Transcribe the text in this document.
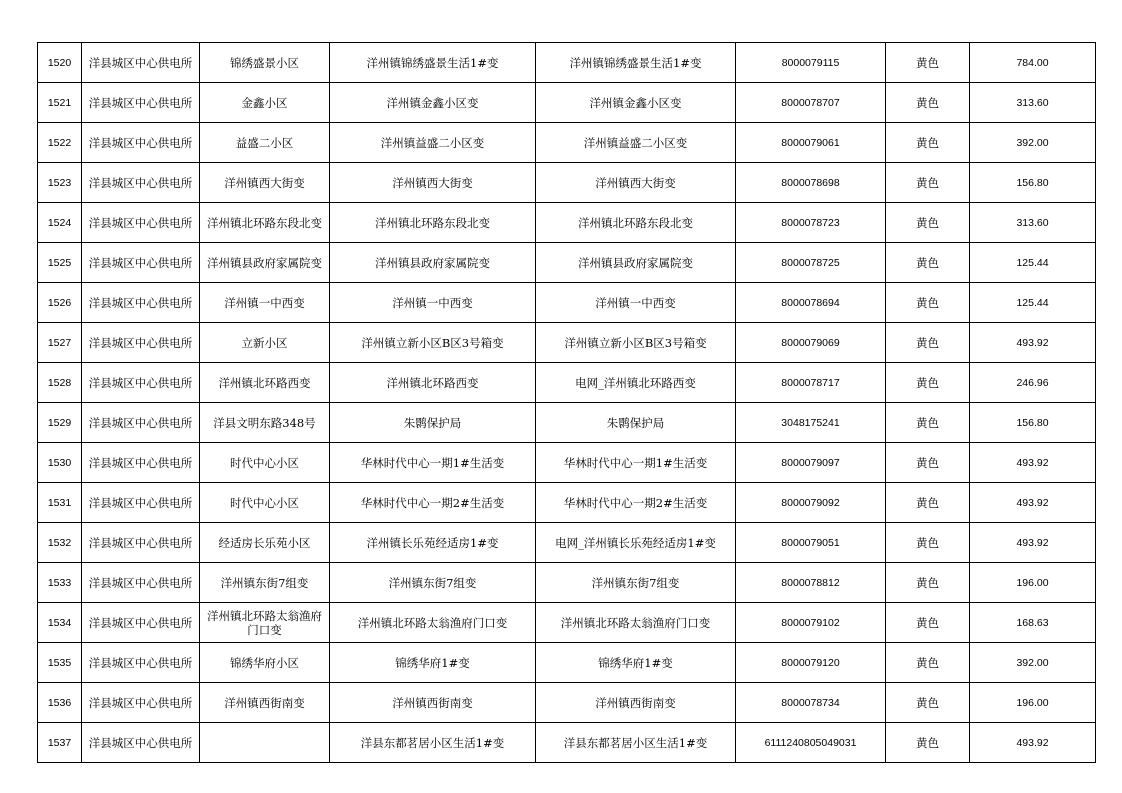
1520	洋县城区中心供电所	锦绣盛景小区	洋州镇锦绣盛景生活1#变	洋州镇锦绣盛景生活1#变	8000079115	黄色	784.00
1521	洋县城区中心供电所	金鑫小区	洋州镇金鑫小区变	洋州镇金鑫小区变	8000078707	黄色	313.60
1522	洋县城区中心供电所	益盛二小区	洋州镇益盛二小区变	洋州镇益盛二小区变	8000079061	黄色	392.00
1523	洋县城区中心供电所	洋州镇西大街变	洋州镇西大街变	洋州镇西大街变	8000078698	黄色	156.80
1524	洋县城区中心供电所	洋州镇北环路东段北变	洋州镇北环路东段北变	洋州镇北环路东段北变	8000078723	黄色	313.60
1525	洋县城区中心供电所	洋州镇县政府家属院变	洋州镇县政府家属院变	洋州镇县政府家属院变	8000078725	黄色	125.44
1526	洋县城区中心供电所	洋州镇一中西变	洋州镇一中西变	洋州镇一中西变	8000078694	黄色	125.44
1527	洋县城区中心供电所	立新小区	洋州镇立新小区B区3号箱变	洋州镇立新小区B区3号箱变	8000079069	黄色	493.92
1528	洋县城区中心供电所	洋州镇北环路西变	洋州镇北环路西变	电网_洋州镇北环路西变	8000078717	黄色	246.96
1529	洋县城区中心供电所	洋县文明东路348号	朱鹮保护局	朱鹮保护局	3048175241	黄色	156.80
1530	洋县城区中心供电所	时代中心小区	华林时代中心一期1#生活变	华林时代中心一期1#生活变	8000079097	黄色	493.92
1531	洋县城区中心供电所	时代中心小区	华林时代中心一期2#生活变	华林时代中心一期2#生活变	8000079092	黄色	493.92
1532	洋县城区中心供电所	经适房长乐苑小区	洋州镇长乐苑经适房1#变	电网_洋州镇长乐苑经适房1#变	8000079051	黄色	493.92
1533	洋县城区中心供电所	洋州镇东街7组变	洋州镇东街7组变	洋州镇东街7组变	8000078812	黄色	196.00
1534	洋县城区中心供电所	洋州镇北环路太翁渔府门口变	洋州镇北环路太翁渔府门口变	洋州镇北环路太翁渔府门口变	8000079102	黄色	168.63
1535	洋县城区中心供电所	锦绣华府小区	锦绣华府1#变	锦绣华府1#变	8000079120	黄色	392.00
1536	洋县城区中心供电所	洋州镇西街南变	洋州镇西街南变	洋州镇西街南变	8000078734	黄色	196.00
1537	洋县城区中心供电所		洋县东都茗居小区生活1#变	洋县东都茗居小区生活1#变	6111240805049031	黄色	493.92
